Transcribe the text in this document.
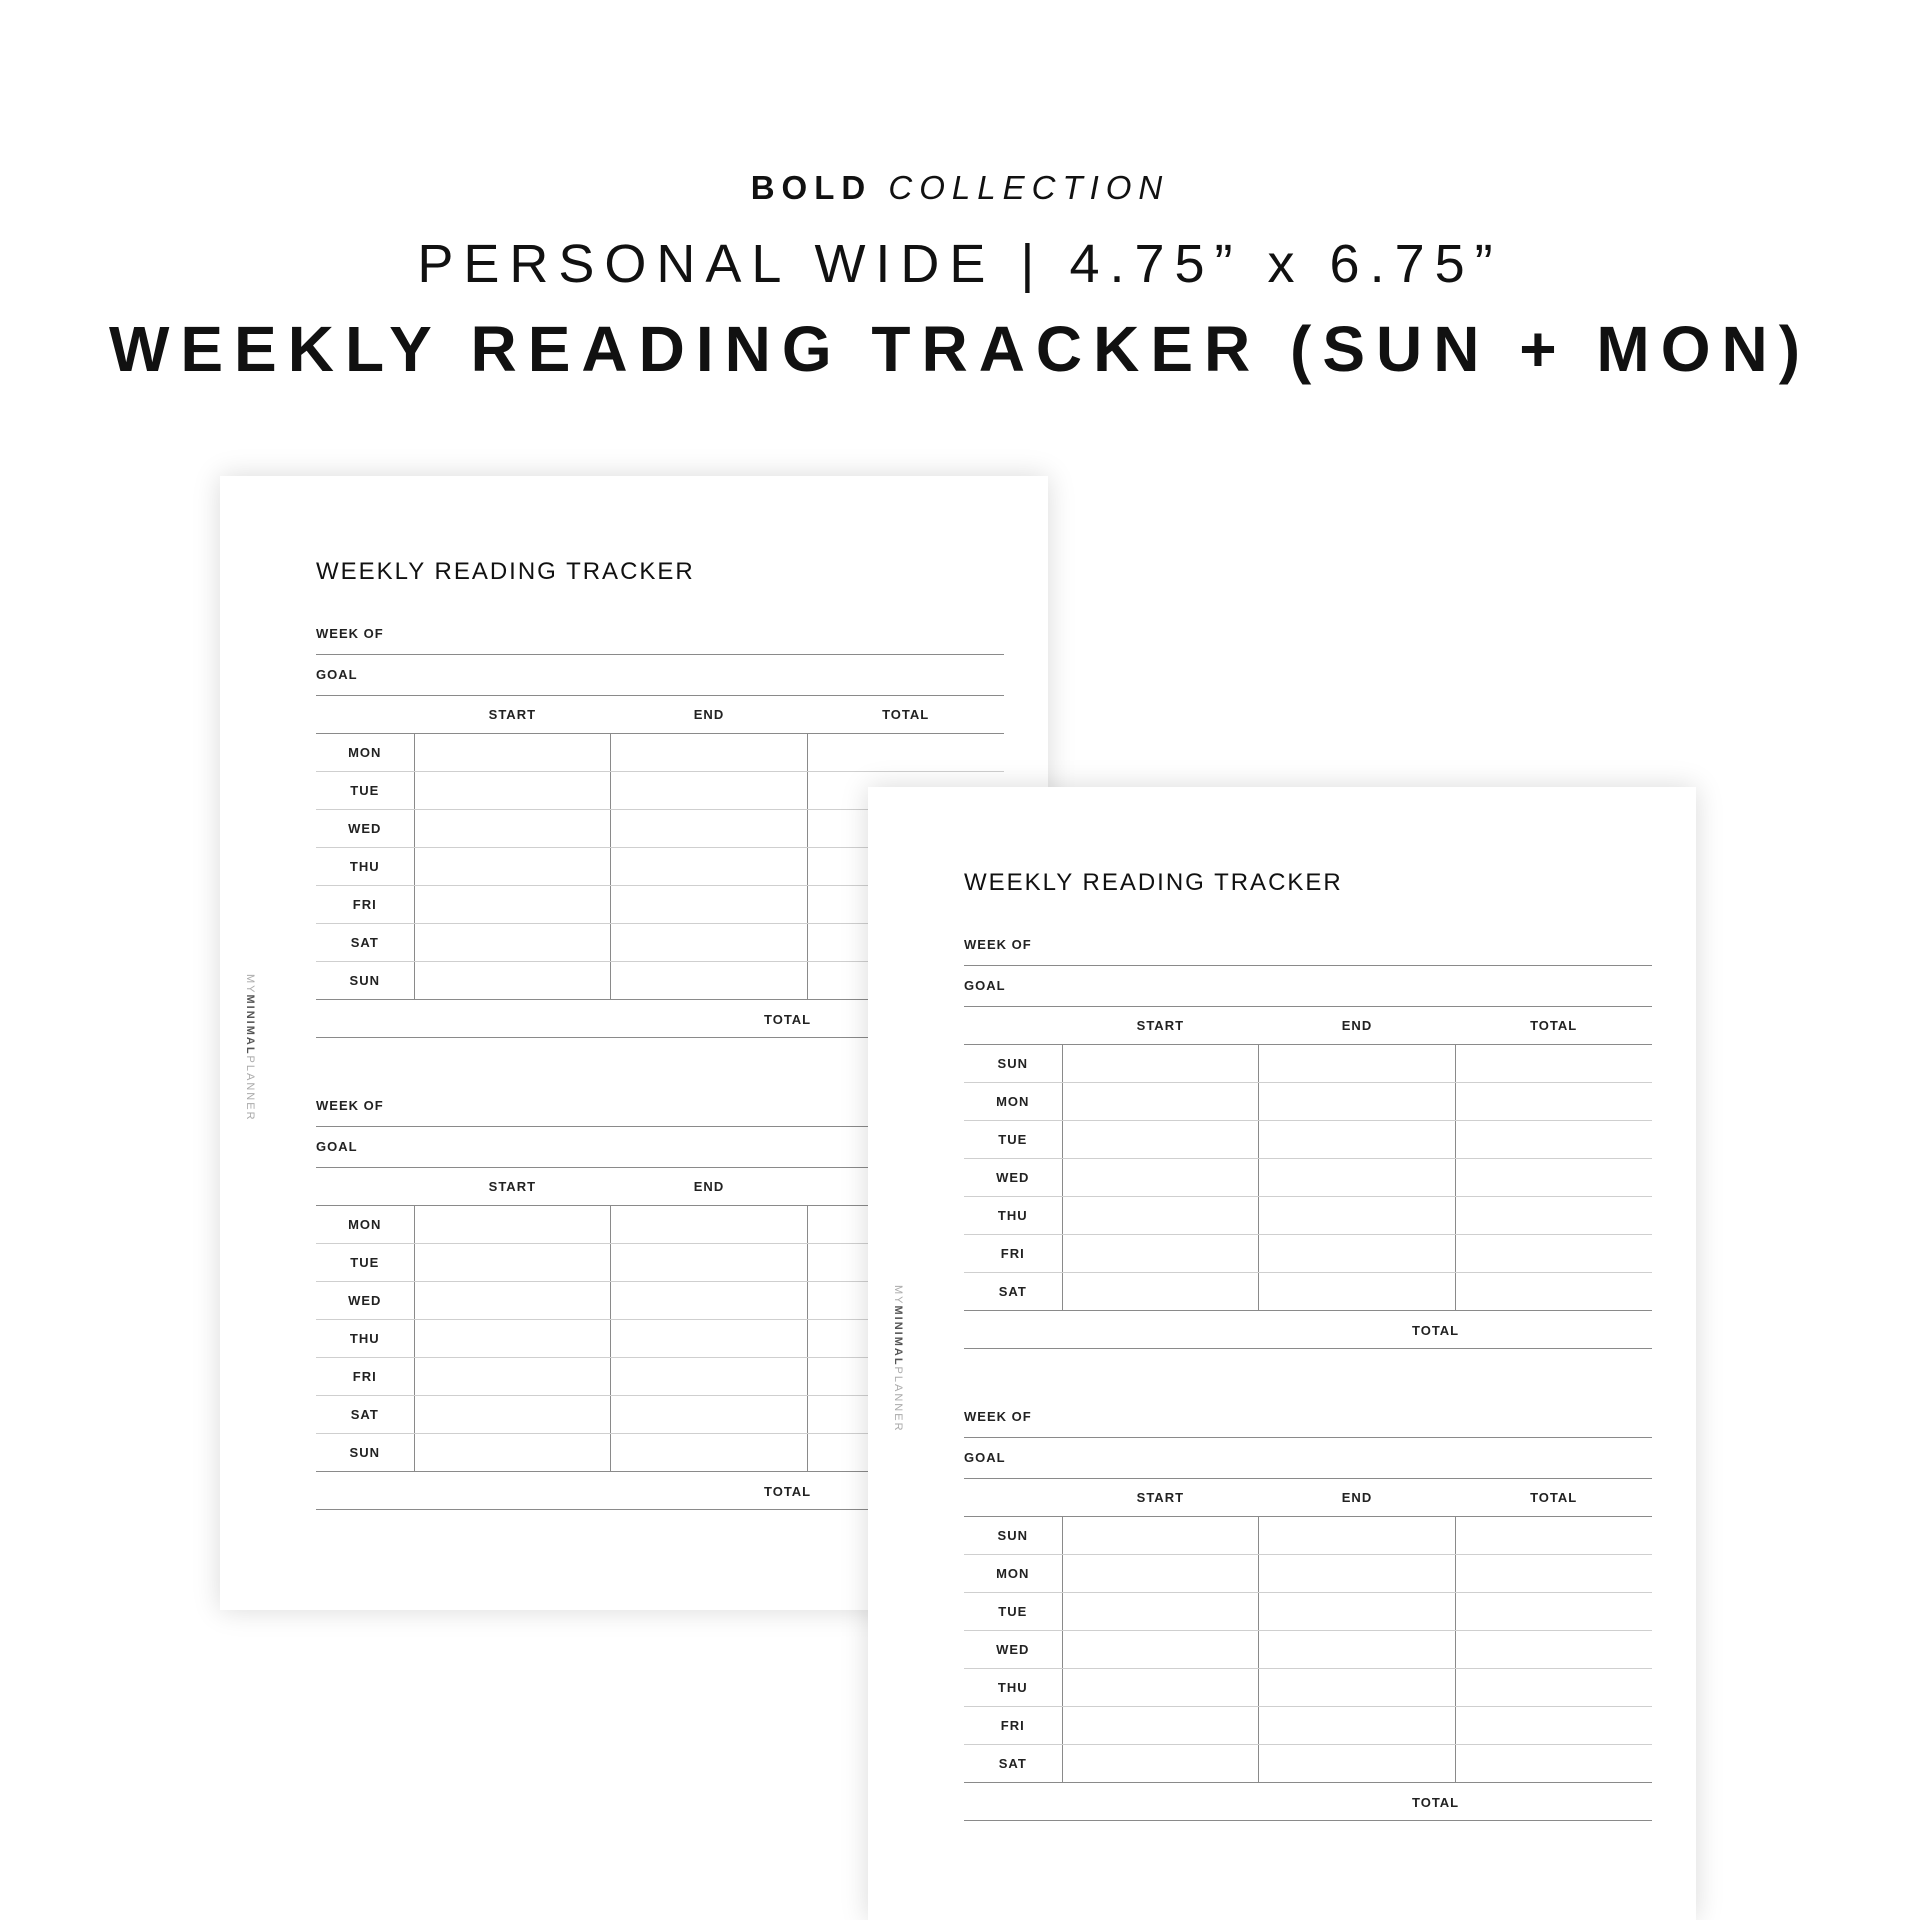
BOLD COLLECTION
PERSONAL WIDE | 4.75” x 6.75”
WEEKLY READING TRACKER (SUN + MON)
WEEKLY READING TRACKER
MYMINIMALPLANNER
WEEK OF
GOAL
	START	END	TOTAL
MON			
TUE			
WED			
THU			
FRI			
SAT			
SUN			
TOTAL
WEEK OF
GOAL
	START	END	
MON			
TUE			
WED			
THU			
FRI			
SAT			
SUN			
TOTAL
WEEKLY READING TRACKER
MYMINIMALPLANNER
WEEK OF
GOAL
	START	END	TOTAL
SUN			
MON			
TUE			
WED			
THU			
FRI			
SAT			
TOTAL
WEEK OF
GOAL
	START	END	TOTAL
SUN			
MON			
TUE			
WED			
THU			
FRI			
SAT			
TOTAL
